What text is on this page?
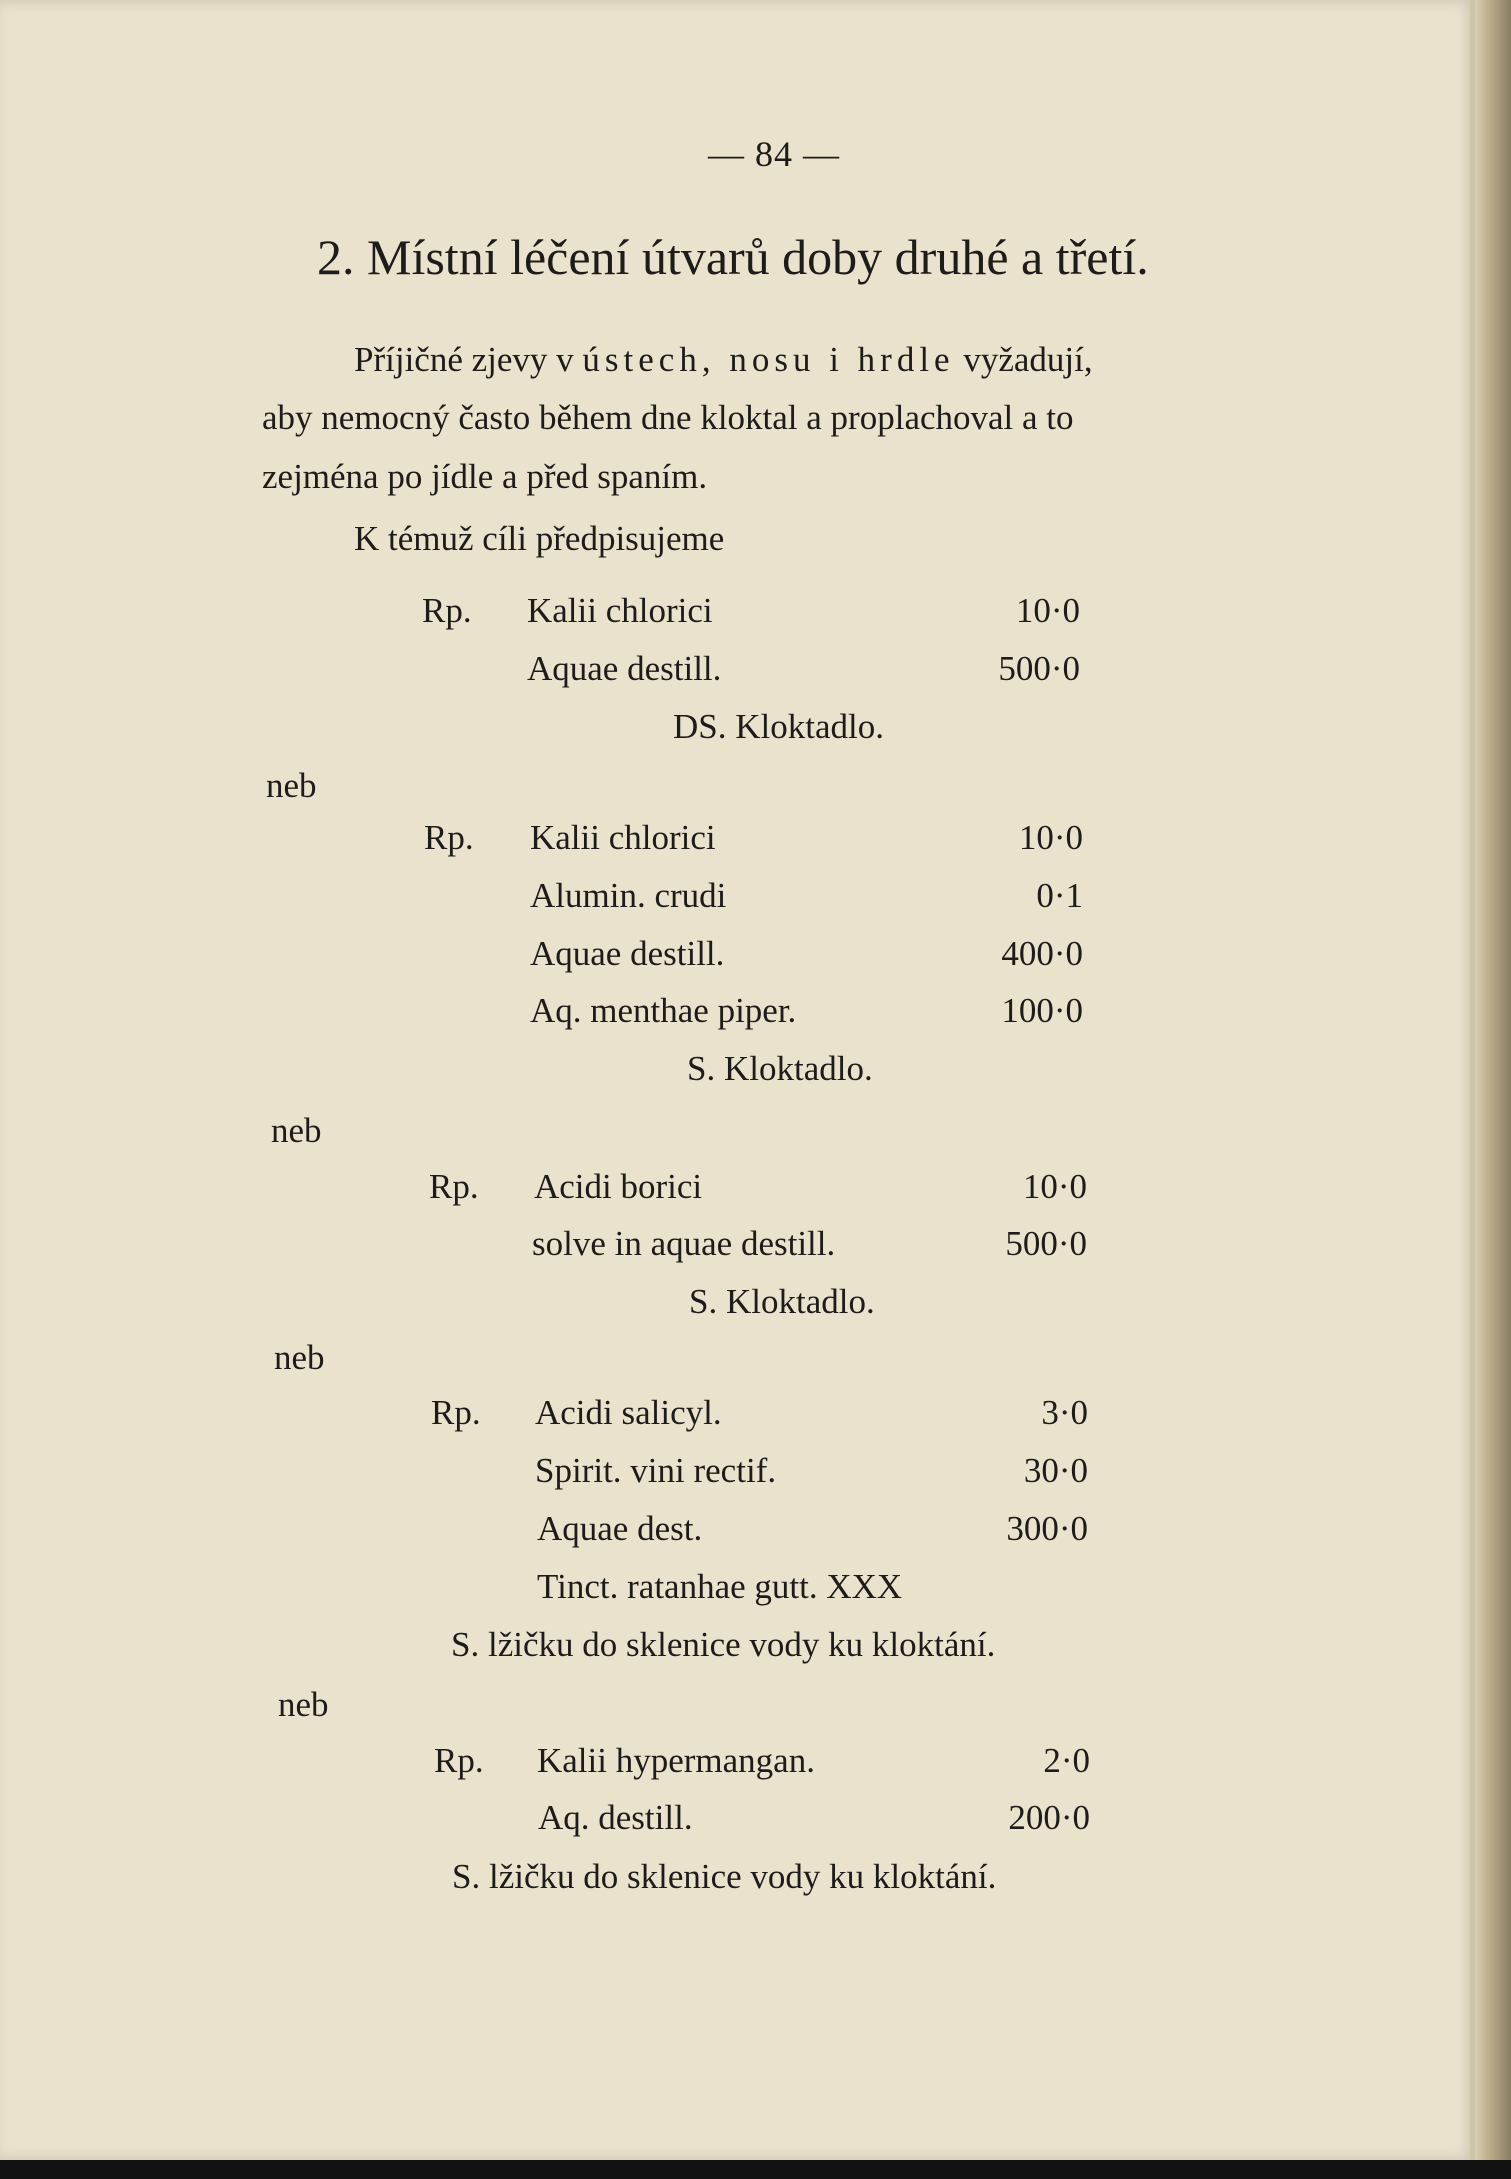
— 84 —
2. Místní léčení útvarů doby druhé a třetí.
Příjičné zjevy v ústech, nosu i hrdle vyžadují,
aby nemocný často během dne kloktal a proplachoval a to
zejména po jídle a před spaním.
K témuž cíli předpisujeme
Rp. Kalii chlorici	10·0
Aquae destill.	500·0
DS. Kloktadlo.
neb
Rp. Kalii chlorici	10·0
Alumin. crudi	0·1
Aquae destill.	400·0
Aq. menthae piper.	100·0
S. Kloktadlo.
neb
Rp. Acidi borici	10·0
solve in aquae destill.	500·0
S. Kloktadlo.
neb
Rp. Acidi salicyl.	3·0
Spirit. vini rectif.	30·0
Aquae dest.	300·0
Tinct. ratanhae gutt. XXX
S. lžičku do sklenice vody ku kloktání.
neb
Rp. Kalii hypermangan.	2·0
Aq. destill.	200·0
S. lžičku do sklenice vody ku kloktání.
